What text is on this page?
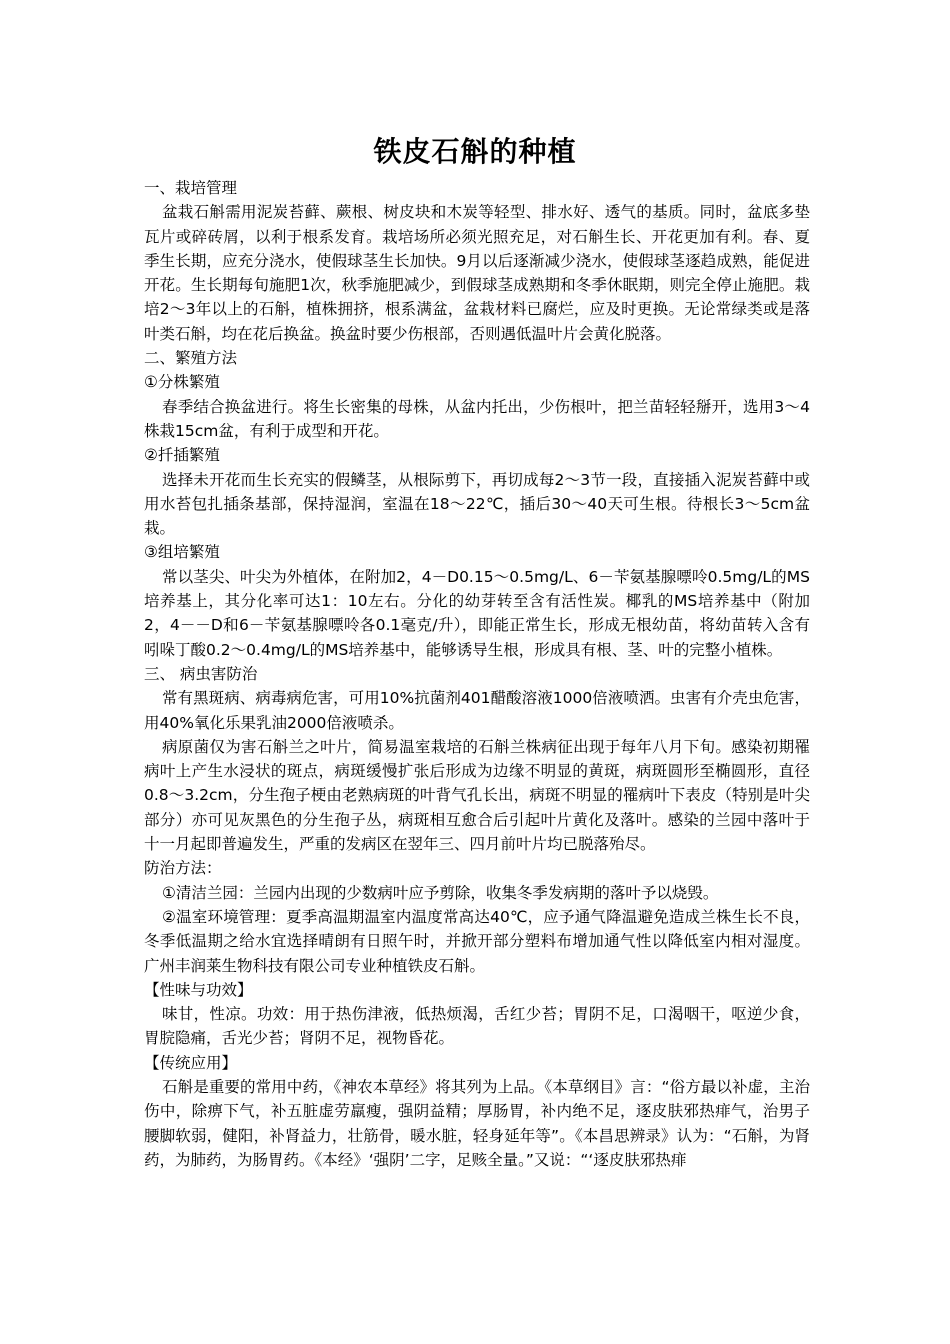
铁皮石斛的种植

一、栽培管理

盆栽石斛需用泥炭苔藓、蕨根、树皮块和木炭等轻型、排水好、透气的基质。同时，盆底多垫瓦片或碎砖屑，以利于根系发育。栽培场所必须光照充足，对石斛生长、开花更加有利。春、夏季生长期，应充分浇水，使假球茎生长加快。9月以后逐渐减少浇水，使假球茎逐趋成熟，能促进开花。生长期每旬施肥1次，秋季施肥减少，到假球茎成熟期和冬季休眠期，则完全停止施肥。栽培2～3年以上的石斛，植株拥挤，根系满盆，盆栽材料已腐烂，应及时更换。无论常绿类或是落叶类石斛，均在花后换盆。换盆时要少伤根部，否则遇低温叶片会黄化脱落。

二、繁殖方法

①分株繁殖

春季结合换盆进行。将生长密集的母株，从盆内托出，少伤根叶，把兰苗轻轻掰开，选用3～4株栽15cm盆，有利于成型和开花。

②扦插繁殖

选择未开花而生长充实的假鳞茎，从根际剪下，再切成每2～3节一段，直接插入泥炭苔藓中或用水苔包扎插条基部，保持湿润，室温在18～22℃，插后30～40天可生根。待根长3～5cm盆栽。

③组培繁殖

常以茎尖、叶尖为外植体，在附加2，4－D0.15～0.5mg/L、6－苄氨基腺嘌呤0.5mg/L的MS培养基上，其分化率可达1：10左右。分化的幼芽转至含有活性炭。椰乳的MS培养基中（附加2，4－－D和6－苄氨基腺嘌呤各0.1毫克/升），即能正常生长，形成无根幼苗，将幼苗转入含有吲哚丁酸0.2～0.4mg/L的MS培养基中，能够诱导生根，形成具有根、茎、叶的完整小植株。

三、 病虫害防治

常有黑斑病、病毒病危害，可用10%抗菌剂401醋酸溶液1000倍液喷洒。虫害有介壳虫危害，用40%氧化乐果乳油2000倍液喷杀。

病原菌仅为害石斛兰之叶片，简易温室栽培的石斛兰株病征出现于每年八月下旬。感染初期罹病叶上产生水浸状的斑点，病斑缓慢扩张后形成为边缘不明显的黄斑，病斑圆形至椭圆形，直径0.8～3.2cm，分生孢子梗由老熟病斑的叶背气孔长出，病斑不明显的罹病叶下表皮（特别是叶尖部分）亦可见灰黑色的分生孢子丛，病斑相互愈合后引起叶片黄化及落叶。感染的兰园中落叶于十一月起即普遍发生，严重的发病区在翌年三、四月前叶片均已脱落殆尽。

防治方法：

①清洁兰园：兰园内出现的少数病叶应予剪除，收集冬季发病期的落叶予以烧毁。

②温室环境管理：夏季高温期温室内温度常高达40℃，应予通气降温避免造成兰株生长不良，冬季低温期之给水宜选择晴朗有日照午时，并掀开部分塑料布增加通气性以降低室内相对湿度。广州丰润莱生物科技有限公司专业种植铁皮石斛。

【性味与功效】

味甘，性凉。功效：用于热伤津液，低热烦渴，舌红少苔；胃阴不足，口渴咽干，呕逆少食，胃脘隐痛，舌光少苔；肾阴不足，视物昏花。

【传统应用】

石斛是重要的常用中药，《神农本草经》将其列为上品。《本草纲目》言：“俗方最以补虚，主治伤中，除痹下气，补五脏虚劳羸瘦，强阴益精；厚肠胃，补内绝不足，逐皮肤邪热痱气，治男子腰脚软弱，健阳，补肾益力，壮筋骨，暖水脏，轻身延年等”。《本昌思辨录》认为：“石斛，为肾药，为肺药，为肠胃药。《本经》‘强阴’二字，足赅全量。”又说：“‘逐皮肤邪热痱
